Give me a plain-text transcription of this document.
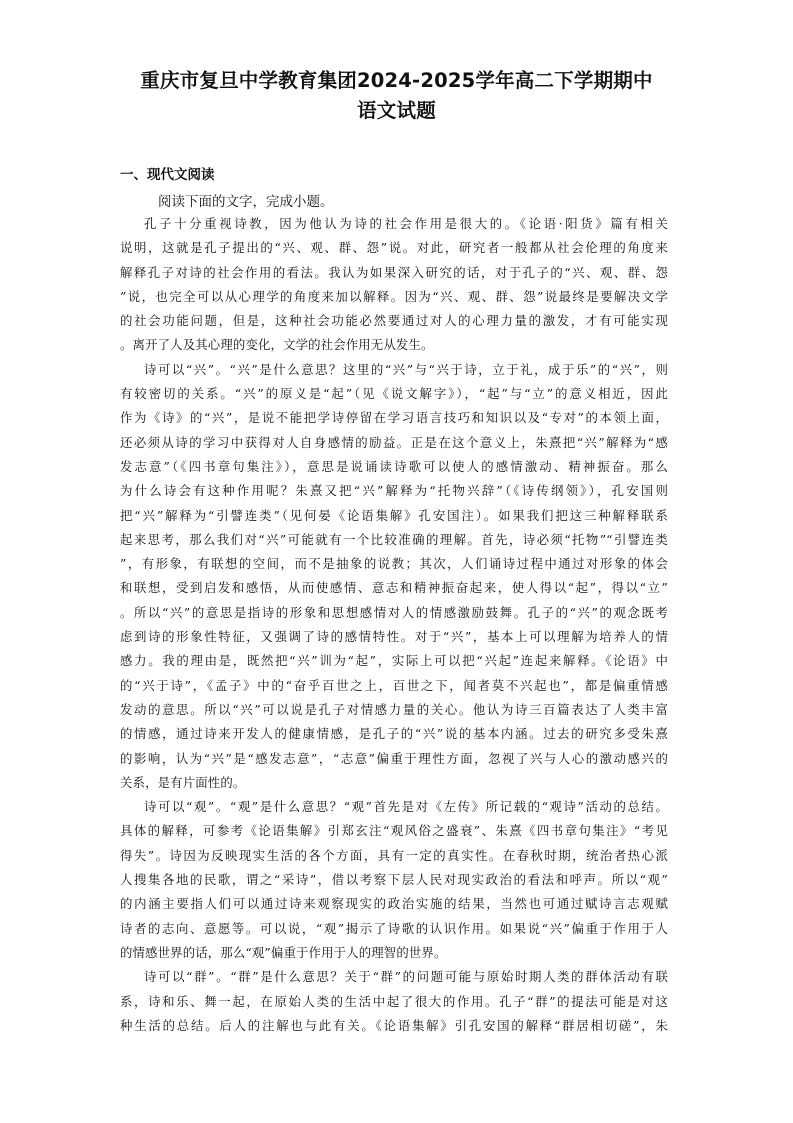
重庆市复旦中学教育集团2024-2025学年高二下学期期中
语文试题
一、现代文阅读
阅读下面的文字，完成小题。
孔子十分重视诗教，因为他认为诗的社会作用是很大的。《论语·阳货》篇有相关
说明，这就是孔子提出的“兴、观、群、怨”说。对此，研究者一般都从社会伦理的角度来
解释孔子对诗的社会作用的看法。我认为如果深入研究的话，对于孔子的“兴、观、群、怨
”说，也完全可以从心理学的角度来加以解释。因为“兴、观、群、怨”说最终是要解决文学
的社会功能问题，但是，这种社会功能必然要通过对人的心理力量的激发，才有可能实现
。离开了人及其心理的变化，文学的社会作用无从发生。
诗可以“兴”。“兴”是什么意思？这里的“兴”与“兴于诗，立于礼，成于乐”的“兴”，则
有较密切的关系。“兴”的原义是“起”（见《说文解字》），“起”与“立”的意义相近，因此
作为《诗》的“兴”，是说不能把学诗停留在学习语言技巧和知识以及“专对”的本领上面，
还必须从诗的学习中获得对人自身感情的励益。正是在这个意义上，朱熹把“兴”解释为“感
发志意”（《四书章句集注》），意思是说诵读诗歌可以使人的感情激动、精神振奋。那么
为什么诗会有这种作用呢？朱熹又把“兴”解释为“托物兴辞”（《诗传纲领》），孔安国则
把“兴”解释为“引譬连类”（见何晏《论语集解》孔安国注）。如果我们把这三种解释联系
起来思考，那么我们对“兴”可能就有一个比较准确的理解。首先，诗必须“托物”“引譬连类
”，有形象，有联想的空间，而不是抽象的说教；其次，人们诵诗过程中通过对形象的体会
和联想，受到启发和感悟，从而使感情、意志和精神振奋起来，使人得以“起”，得以“立”
。所以“兴”的意思是指诗的形象和思想感情对人的情感激励鼓舞。孔子的“兴”的观念既考
虑到诗的形象性特征，又强调了诗的感情特性。对于“兴”，基本上可以理解为培养人的情
感力。我的理由是，既然把“兴”训为“起”，实际上可以把“兴起”连起来解释。《论语》中
的“兴于诗”，《孟子》中的“奋乎百世之上，百世之下，闻者莫不兴起也”，都是偏重情感
发动的意思。所以“兴”可以说是孔子对情感力量的关心。他认为诗三百篇表达了人类丰富
的情感，通过诗来开发人的健康情感，是孔子的“兴”说的基本内涵。过去的研究多受朱熹
的影响，认为“兴”是“感发志意”，“志意”偏重于理性方面，忽视了兴与人心的激动感兴的
关系，是有片面性的。
诗可以“观”。“观”是什么意思？“观”首先是对《左传》所记载的“观诗”活动的总结。
具体的解释，可参考《论语集解》引郑玄注“观风俗之盛衰”、朱熹《四书章句集注》“考见
得失”。诗因为反映现实生活的各个方面，具有一定的真实性。在春秋时期，统治者热心派
人搜集各地的民歌，谓之“采诗”，借以考察下层人民对现实政治的看法和呼声。所以“观”
的内涵主要指人们可以通过诗来观察现实的政治实施的结果，当然也可通过赋诗言志观赋
诗者的志向、意愿等。可以说，“观”揭示了诗歌的认识作用。如果说“兴”偏重于作用于人
的情感世界的话，那么“观”偏重于作用于人的理智的世界。
诗可以“群”。“群”是什么意思？关于“群”的问题可能与原始时期人类的群体活动有联
系，诗和乐、舞一起，在原始人类的生活中起了很大的作用。孔子“群”的提法可能是对这
种生活的总结。后人的注解也与此有关。《论语集解》引孔安国的解释“群居相切磋”，朱
